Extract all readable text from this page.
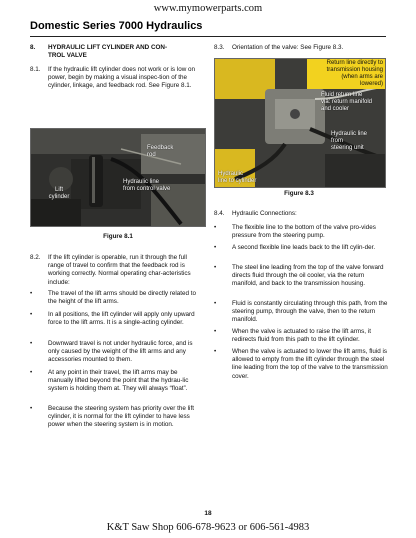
www.mymowerparts.com
Domestic Series 7000 Hydraulics
8. HYDRAULIC LIFT CYLINDER AND CON-
TROL VALVE
8.1. If the hydraulic lift cylinder does not work or is low on power, begin by making a visual inspec-tion of the cylinder, linkage, and feedback rod. See Figure 8.1.
Feedback
rod
Hydraulic line
from control valve
Lift
cylinder
Figure 8.1
8.2. If the lift cylinder is operable, run it through the full range of travel to confirm that the feedback rod is working correctly. Normal operating char-acteristics include:
•	The travel of the lift arms should be directly related to the height of the lift arms.
•	In all positions, the lift cylinder will apply only upward force to the lift arms. It is a single-acting cylinder.
•	Downward travel is not under hydraulic force, and is only caused by the weight of the lift arms and any accessories mounted to them.
•	At any point in their travel, the lift arms may be manually lifted beyond the point that the hydrau-lic system is holding them at. They will always “float”.
•	Because the steering system has priority over the lift cylinder, it is normal for the lift cylinder to have less power when the steering system is in motion.
8.3. Orientation of the valve: See Figure 8.3.
Return line directly to
transmission housing
(when arms are
lowered)
Fluid return line
via: return manifold
and cooler
Hydraulic line
from
steering unit
Hydraulic
line to cylinder
Figure 8.3
8.4. Hydraulic Connections:
•	The flexible line to the bottom of the valve pro-vides pressure from the steering pump.
•	A second flexible line leads back to the lift cylin-der.
•	The steel line leading from the top of the valve forward directs fluid through the oil cooler, via the return manifold, and back to the transmission housing.
•	Fluid is constantly circulating through this path, from the steering pump, through the valve, then to the return manifold.
•	When the valve is actuated to raise the lift arms, it redirects fluid from this path to the lift cylinder.
•	When the valve is actuated to lower the lift arms, fluid is allowed to empty from the lift cylinder through the steel line leading from the top of the valve to the transmission cover.
18
K&T Saw Shop 606-678-9623 or 606-561-4983
